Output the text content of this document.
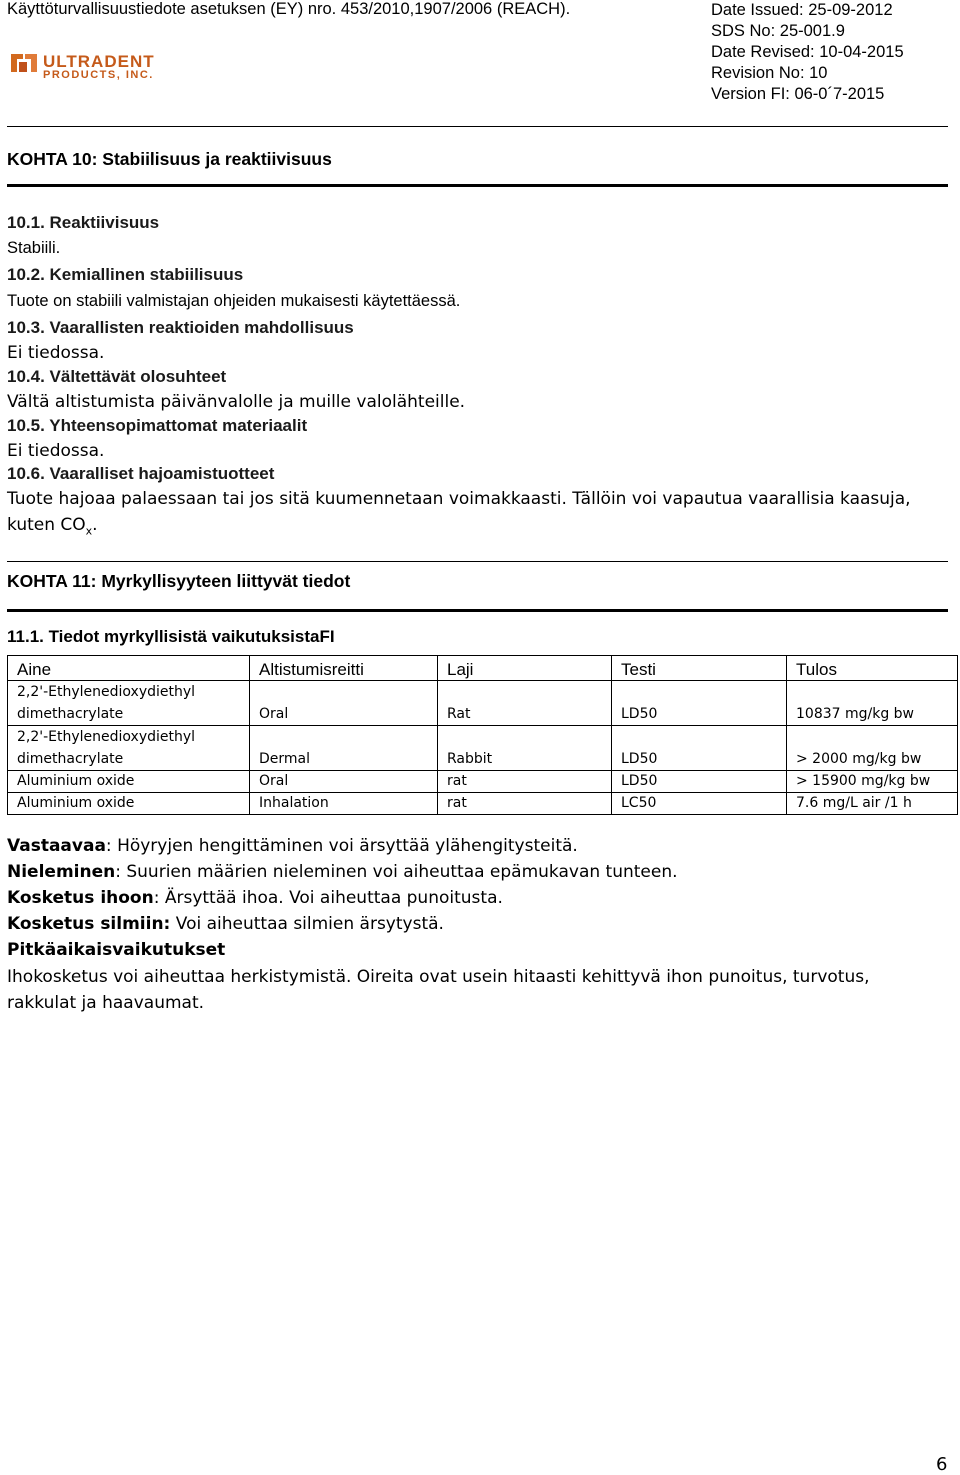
Käyttöturvallisuustiedote asetuksen (EY) nro. 453/2010,1907/2006 (REACH).	Date Issued: 25-09-2012
SDS No: 25-001.9
Date Revised: 10-04-2015
Revision No: 10
Version FI: 06-0´7-2015
ULTRADENT
PRODUCTS, INC.
KOHTA 10: Stabiilisuus ja reaktiivisuus
10.1. Reaktiivisuus
Stabiili.
10.2. Kemiallinen stabiilisuus
Tuote on stabiili valmistajan ohjeiden mukaisesti käytettäessä.
10.3. Vaarallisten reaktioiden mahdollisuus
Ei tiedossa.
10.4. Vältettävät olosuhteet
Vältä altistumista päivänvalolle ja muille valolähteille.
10.5. Yhteensopimattomat materiaalit
Ei tiedossa.
10.6. Vaaralliset hajoamistuotteet
Tuote hajoaa palaessaan tai jos sitä kuumennetaan voimakkaasti. Tällöin voi vapautua vaarallisia kaasuja,
kuten $CO_x$.
KOHTA 11: Myrkyllisyyteen liittyvät tiedot
11.1. Tiedot myrkyllisistä vaikutuksistaFI
Aine	Altistumisreitti	Laji	Testi	Tulos
2,2'-Ethylenedioxydiethyl dimethacrylate	Oral	Rat	LD50	10837 mg/kg bw
2,2'-Ethylenedioxydiethyl dimethacrylate	Dermal	Rabbit	LD50	> 2000 mg/kg bw
Aluminium oxide	Oral	rat	LD50	> 15900 mg/kg bw
Aluminium oxide	Inhalation	rat	LC50	7.6 mg/L air /1 h
Vastaavaa: Höyryjen hengittäminen voi ärsyttää ylähengitysteitä.
Nieleminen: Suurien määrien nieleminen voi aiheuttaa epämukavan tunteen.
Kosketus ihoon: Ärsyttää ihoa. Voi aiheuttaa punoitusta.
Kosketus silmiin: Voi aiheuttaa silmien ärsytystä.
Pitkäaikaisvaikutukset
Ihokosketus voi aiheuttaa herkistymistä. Oireita ovat usein hitaasti kehittyvä ihon punoitus, turvotus,
rakkulat ja haavaumat.
6
